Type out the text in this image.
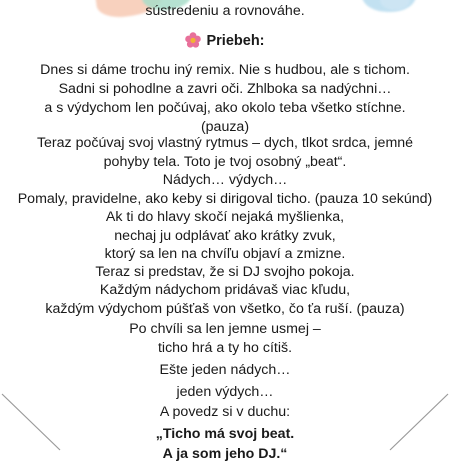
sústredeniu a rovnováhe.
Priebeh:
Dnes si dáme trochu iný remix. Nie s hudbou, ale s tichom.
Sadni si pohodlne a zavri oči. Zhlboka sa nadýchni…
a s výdychom len počúvaj, ako okolo teba všetko stíchne.
(pauza)
Teraz počúvaj svoj vlastný rytmus – dych, tlkot srdca, jemné
pohyby tela. Toto je tvoj osobný „beat“.
Nádych… výdych…
Pomaly, pravidelne, ako keby si dirigoval ticho. (pauza 10 sekúnd)
Ak ti do hlavy skočí nejaká myšlienka,
nechaj ju odplávať ako krátky zvuk,
ktorý sa len na chvíľu objaví a zmizne.
Teraz si predstav, že si DJ svojho pokoja.
Každým nádychom pridávaš viac kľudu,
každým výdychom púšťaš von všetko, čo ťa ruší. (pauza)
Po chvíli sa len jemne usmej –
ticho hrá a ty ho cítiš.
Ešte jeden nádych…
jeden výdych…
A povedz si v duchu:
„Ticho má svoj beat.
A ja som jeho DJ.“
